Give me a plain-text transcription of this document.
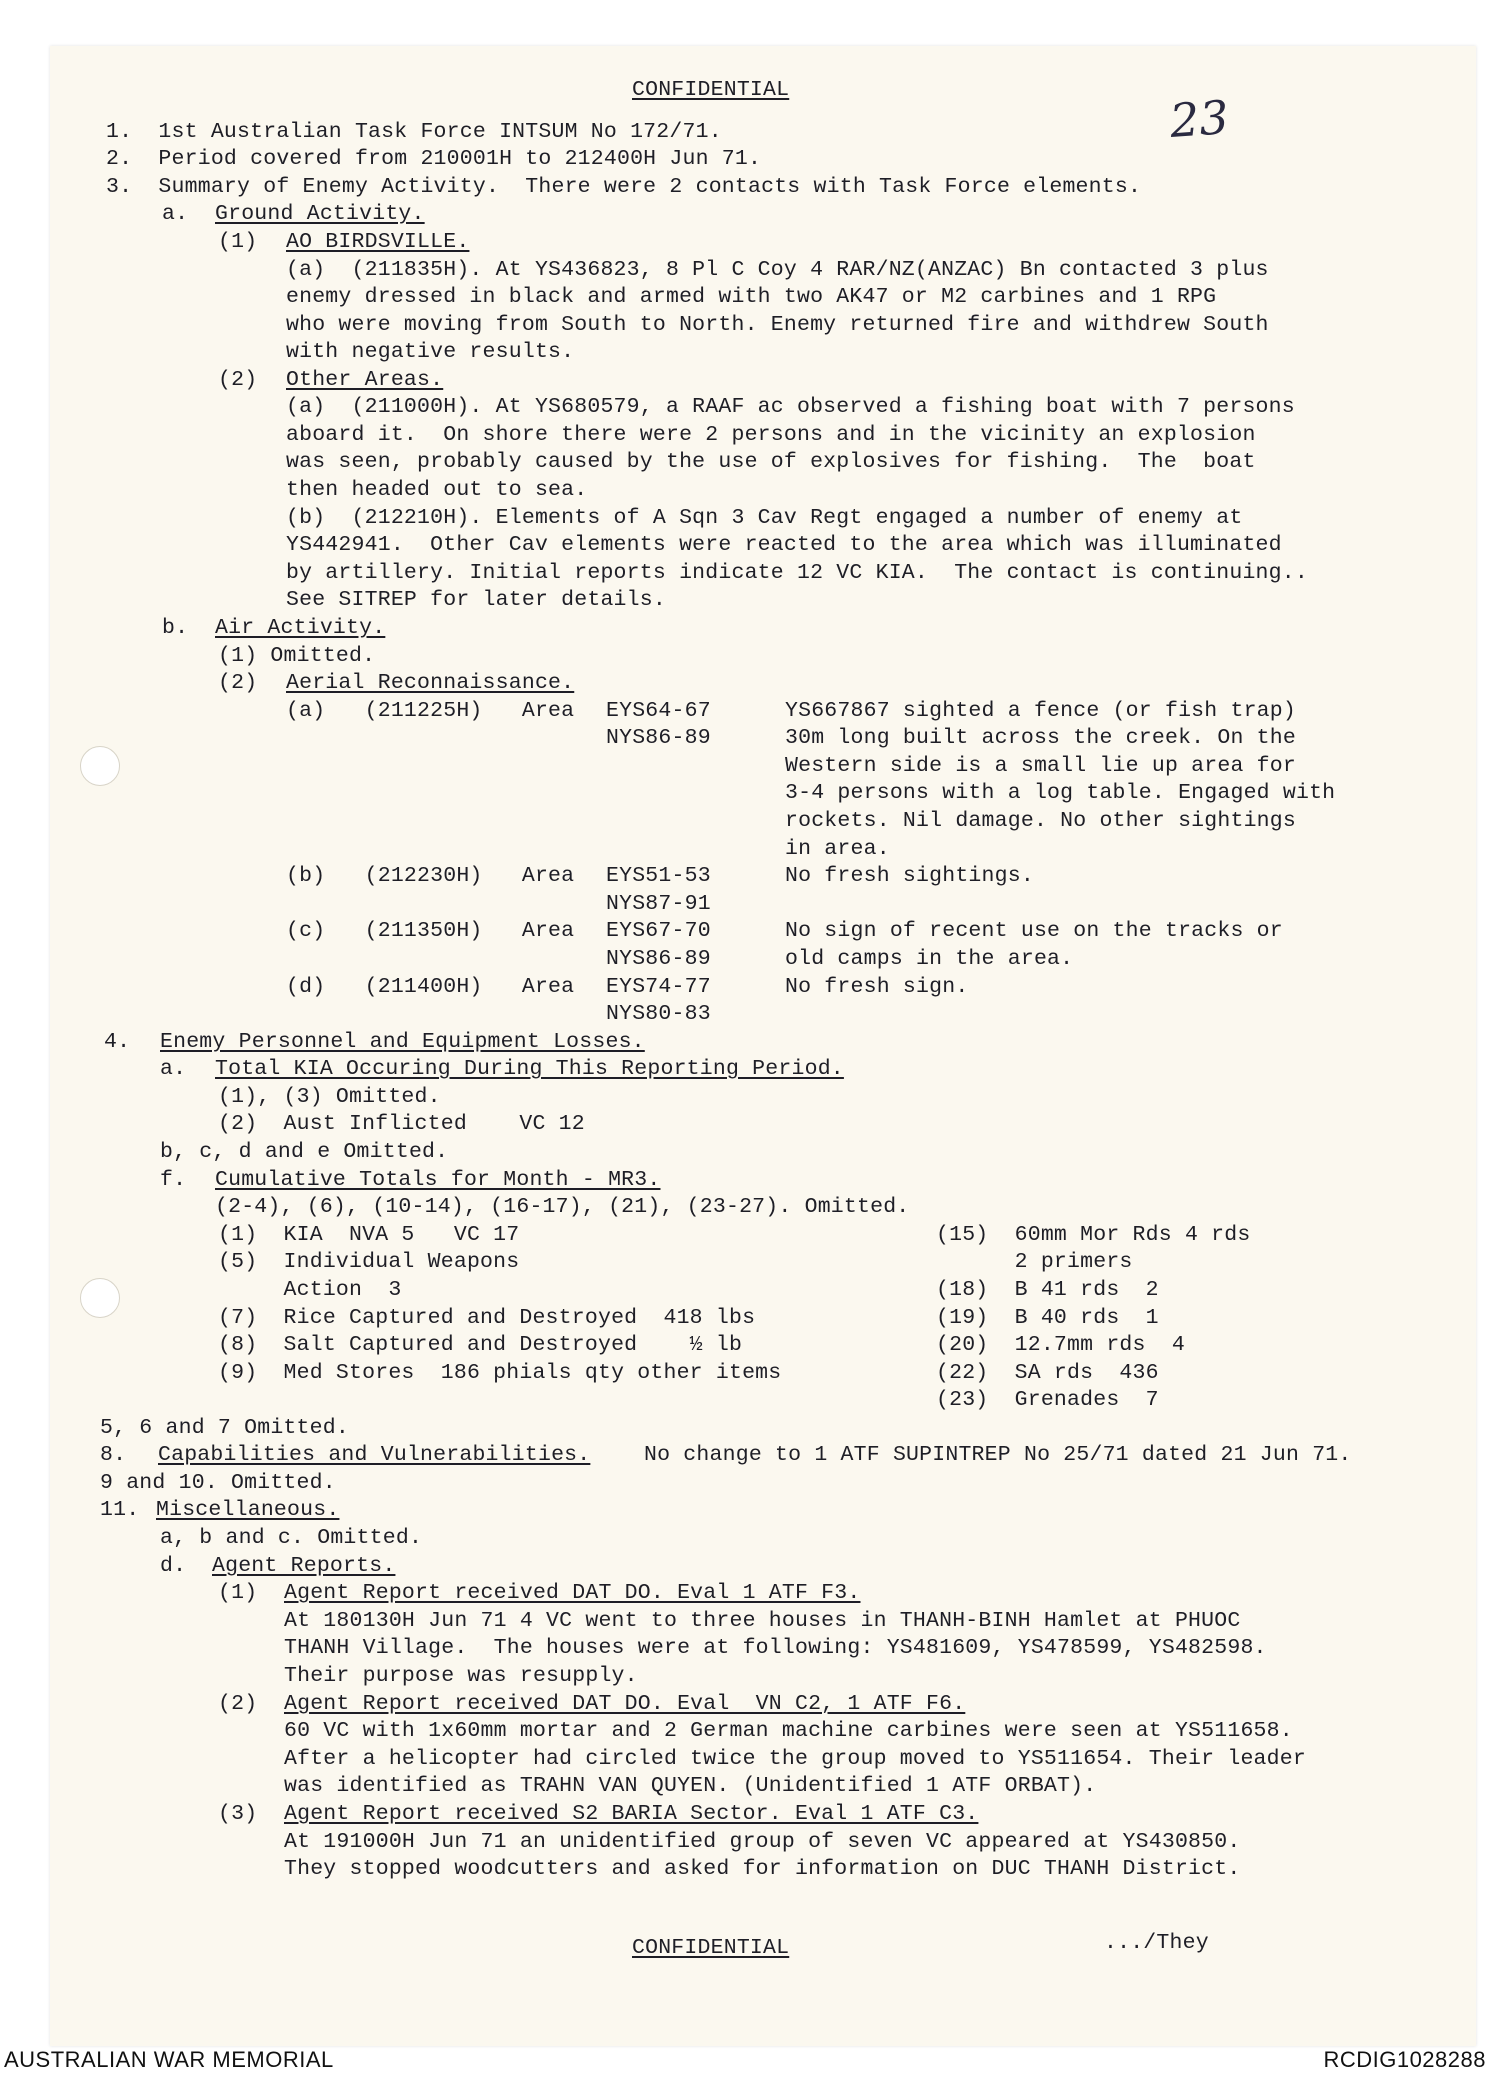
CONFIDENTIAL
23
1.  1st Australian Task Force INTSUM No 172/71.
2.  Period covered from 210001H to 212400H Jun 71.
3.  Summary of Enemy Activity.  There were 2 contacts with Task Force elements.
a. Ground Activity.
(1) AO BIRDSVILLE.
(a)  (211835H). At YS436823, 8 Pl C Coy 4 RAR/NZ(ANZAC) Bn contacted 3 plus
enemy dressed in black and armed with two AK47 or M2 carbines and 1 RPG
who were moving from South to North. Enemy returned fire and withdrew South
with negative results.
(2) Other Areas.
(a)  (211000H). At YS680579, a RAAF ac observed a fishing boat with 7 persons
aboard it.  On shore there were 2 persons and in the vicinity an explosion
was seen, probably caused by the use of explosives for fishing.  The  boat
then headed out to sea.
(b)  (212210H). Elements of A Sqn 3 Cav Regt engaged a number of enemy at
YS442941.  Other Cav elements were reacted to the area which was illuminated
by artillery. Initial reports indicate 12 VC KIA.  The contact is continuing..
See SITREP for later details.
b. Air Activity.
(1) Omitted.
(2) Aerial Reconnaissance.
(a)   (211225H)   Area EYS64-67
NYS86-89
YS667867 sighted a fence (or fish trap)
30m long built across the creek. On the
Western side is a small lie up area for
3-4 persons with a log table. Engaged with
rockets. Nil damage. No other sightings
in area.
(b)   (212230H)   Area EYS51-53
NYS87-91
No fresh sightings.
(c)   (211350H)   Area EYS67-70
NYS86-89
No sign of recent use on the tracks or
old camps in the area.
(d)   (211400H)   Area EYS74-77
NYS80-83
No fresh sign.
4. Enemy Personnel and Equipment Losses.
a. Total KIA Occuring During This Reporting Period.
(1), (3) Omitted.
(2)  Aust Inflicted    VC 12
b, c, d and e Omitted.
f. Cumulative Totals for Month - MR3.
(2-4), (6), (10-14), (16-17), (21), (23-27). Omitted.
(1)  KIA  NVA 5   VC 17
(5)  Individual Weapons
Action  3
(7)  Rice Captured and Destroyed  418 lbs
(8)  Salt Captured and Destroyed    ½ lb
(9)  Med Stores  186 phials qty other items
(15)  60mm Mor Rds 4 rds
2 primers
(18)  B 41 rds  2
(19)  B 40 rds  1
(20)  12.7mm rds  4
(22)  SA rds  436
(23)  Grenades  7
5, 6 and 7 Omitted.
8. Capabilities and Vulnerabilities. No change to 1 ATF SUPINTREP No 25/71 dated 21 Jun 71.
9 and 10. Omitted.
11. Miscellaneous.
a, b and c. Omitted.
d. Agent Reports.
(1) Agent Report received DAT DO. Eval 1 ATF F3.
At 180130H Jun 71 4 VC went to three houses in THANH-BINH Hamlet at PHUOC
THANH Village.  The houses were at following: YS481609, YS478599, YS482598.
Their purpose was resupply.
(2) Agent Report received DAT DO. Eval  VN C2, 1 ATF F6.
60 VC with 1x60mm mortar and 2 German machine carbines were seen at YS511658.
After a helicopter had circled twice the group moved to YS511654. Their leader
was identified as TRAHN VAN QUYEN. (Unidentified 1 ATF ORBAT).
(3) Agent Report received S2 BARIA Sector. Eval 1 ATF C3.
At 191000H Jun 71 an unidentified group of seven VC appeared at YS430850.
They stopped woodcutters and asked for information on DUC THANH District.
CONFIDENTIAL	.../They
AUSTRALIAN WAR MEMORIAL	RCDIG1028288
